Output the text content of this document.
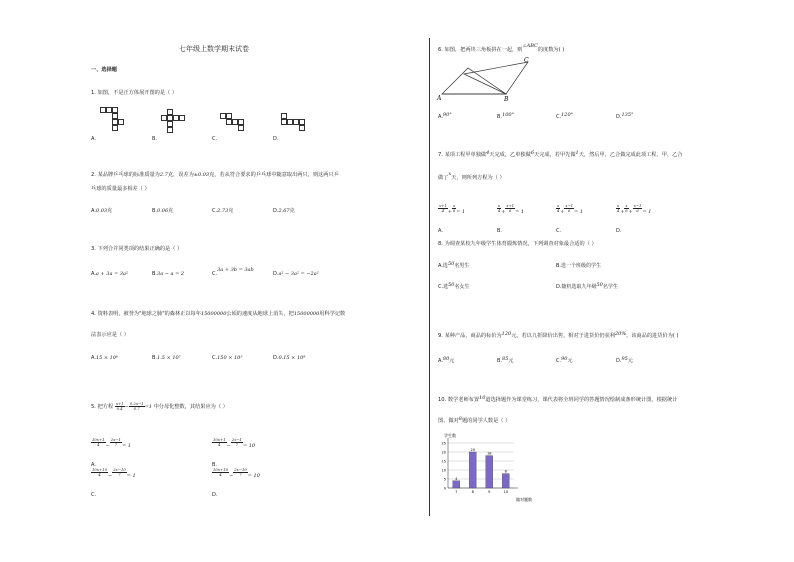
七年级上数学期末试卷
一、选择题
1. 如图，不是正方体展开图的是（ ）
A.	B.	C.	D.
2. 某品牌乒乓球的标准质量为2.7克，误差为±0.03克，若从符合要求的乒乓球中随意取出两只，则这两只乒
乓球的质量最多相差（ ）
A.0.03克	B.0.06克	C.2.73克	D.2.67克
3. 下列合并同类项的结果正确的是（ ）
A.a + 3a = 3a²	B.3a − a = 2	C.3a + 3b = 3ab
D.a² − 3a² = −2a²
4. 资料表明，被誉为"地球之肺"的森林正以每年15000000公顷的速度从地球上消失，把15000000用科学记数
法表示应是（ ）
A.15 × 10⁶	B.1.5 × 10⁷	C.150 × 10⁵	D.0.15 × 10⁸
5. 把方程 $\frac{x+1}{0.4} - \frac{0.2x-1}{0.7} =1$ 中分母化整数，其结果应为（ ）
$\frac{10x+1}{4} - \frac{2x-1}{7} = 1$
A.
$\frac{10x+1}{4} - \frac{2x-1}{7} = 10$
B.
$\frac{10x+10}{4} - \frac{2x-10}{7} = 1$
C.
$\frac{10x+10}{4} - \frac{2x-10}{7} = 10$
D.
6. 如图，把两块三角板拼在一起，则∠ABC的度数为( )
A	B
C
A.90°	B.100°	C.120°	D.135°
7. 某项工程甲单独做4天完成，乙单独做6天完成，若甲先做1天，然后甲、乙合做完成此项工程，甲、乙合
做了x天，则所列方程为（ ）
$\frac{x+1}{4} + \frac{x}{6} = 1$
A.
$\frac{x}{4} + \frac{x+1}{6} = 1$
B.
$\frac{x}{4} + \frac{x-1}{6} = 1$
C.
$\frac{x}{4} + \frac{x}{6} + \frac{x-1}{6} = 1$
D.
8. 为调查某校九年级学生体育锻炼情况，下列调查对象最合适的（ ）
A.选50名男生	B.选一个班级的学生
C.选50名女生	D.随机选取九年级50名学生
9. 某种产品，商品的标价为120元，若以九折降价出售，相对于进货价仍获利20%，该商品的进货价为( )
A.80元	B.85元	C.90元	D.95元
10. 数学老师布置10道选择题作为课堂练习，课代表将全班同学的答题情况绘制成条形统计图，根据统计
图，做对8题的同学人数是（ ）
0
5
10
15
20
25
4
7
20
8
18
9
8
10
学生数
做对题数
